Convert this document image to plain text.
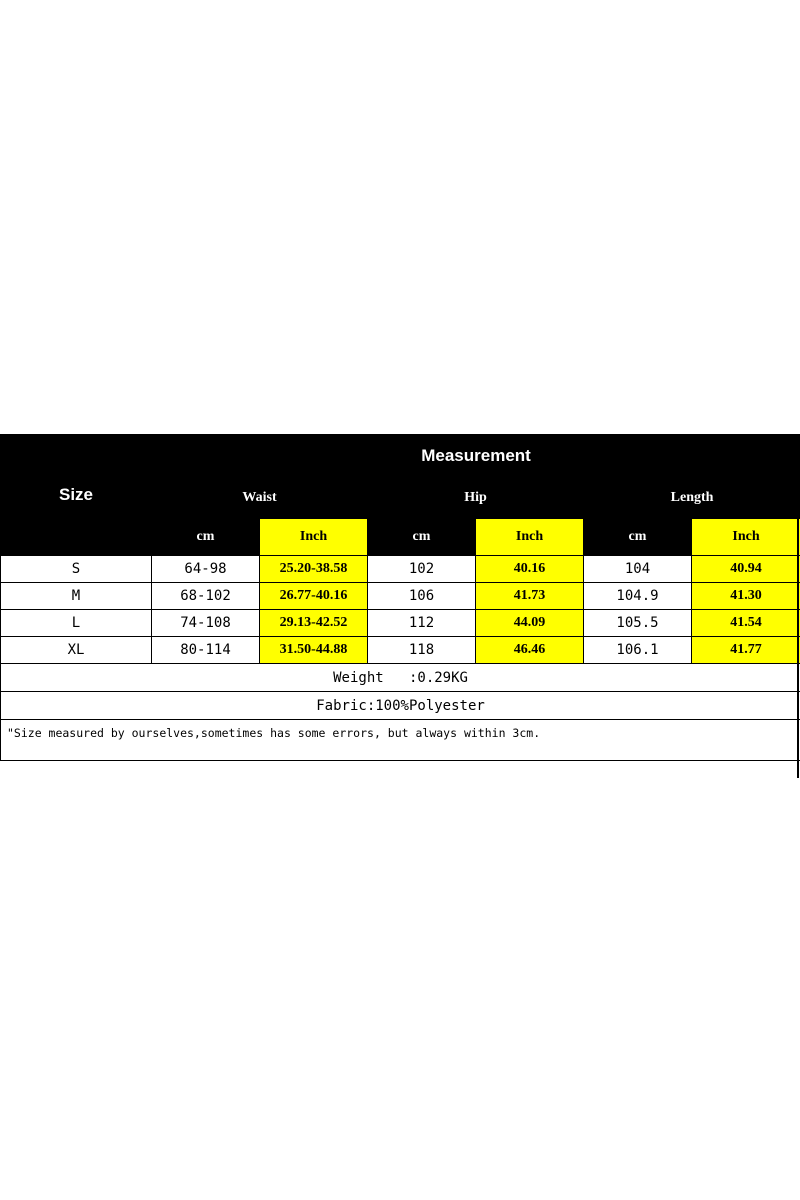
Size	Measurement					
	Waist		Hip		Length	
	cm	Inch	cm	Inch	cm	Inch
S	64-98	25.20-38.58	102	40.16	104	40.94
M	68-102	26.77-40.16	106	41.73	104.9	41.30
L	74-108	29.13-42.52	112	44.09	105.5	41.54
XL	80-114	31.50-44.88	118	46.46	106.1	41.77
Weight   :0.29KG						
Fabric:100%Polyester						
"Size measured by ourselves,sometimes has some errors, but always within 3cm.						
